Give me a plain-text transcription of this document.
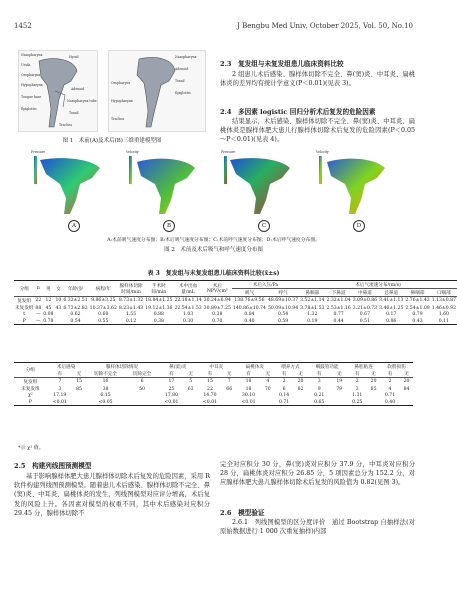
1452	J Bengbu Med Univ, October 2025, Vol. 50, No.10
Nasopharynx
Uvula
Oropharynx
Hypopharynx
Tongue base
Epiglottis
Hyoid
Adenoid
Nasopharynx tube
Tonsil
Trachea
Nasopharynx
Adenoid
Tonsil
Epiglottis
Oropharynx
Hypopharynx
Trachea
图 1　术前(A)及术后(B)三维重建模型图
2.3　复发组与未复发组患儿临床资料比较
2 组患儿术后感染、腺样体切除不完全、鼻(窦)炎、中耳炎、扁桃体炎的差异均有统计学意义(P＜0.01)(见表 3)。
2.4　多因素 logistic 回归分析术后复发的危险因素
结果显示，术后感染、腺样体切除不完全、鼻(窦)炎、中耳炎、扁桃体炎是腺样体肥大患儿行腺样体切除术后复发的危险因素(P＜0.05～P＜0.01)(见表 4)。
Pressure	Velocity	Pressure	Velocity
A	B	C	D
A:术前吸气速度分布图；B:术后吸气速度分布图；C:术前呼气速度分布图；D:术后呼气速度分布图。
图 2　术前及术后吸气和呼气速度分布图
表 3　复发组与未复发组患儿临床资料比较(x̄±s)
分组	n	男	女	年龄/岁	病程/年	腺样体切除时间/min	手术时间/min	术中出血量/mL	术后NPV/cm³	术后入压/Pa		术后气流速分布/(m/s)					
										吸气	呼气	鼻咽部	下鼻道	中鼻道	总鼻道	鼻咽部	口咽部
复发组	22	12	10	6.32±2.51	9.86±3.25	8.73±1.32	18.84±1.25	22.18±1.14	30.24±6.94	138.76±9.56	48.69±10.37	3.52±1.14	2.32±1.04	3.09±0.86	3.41±1.13	2.76±1.42	1.13±0.87
未复发组	88	45	43	6.73±2.82	10.37±3.62	8.23±1.43	19.12±1.36	22.54±1.53	30.89±7.25	140.86±10.74	50.09±10.94	3.78±1.53	2.53±1.16	3.21±0.73	3.46±1.25	2.54±1.09	1.46±0.92
t	—	0.08		0.62	0.60	1.55	0.88	1.03	0.38	0.84	0.54	1.32	0.77	0.67	0.17	0.79	1.60
P	—	0.78		0.54	0.55	0.12	0.38	0.30	0.70	0.40	0.59	0.19	0.44	0.51	0.86	0.43	0.11
分组	术后感染		腺样体切除情况		鼻(窦)炎		中耳炎		扁桃体炎		喂养方式		咽鼓管功能		鼻腔粘连		软腭损伤	
	有	无	切除不完全	切除完全	有	无	有	无	有	无	有	无	有	无	有	无	有	无
复发组	7	15	16	6	17	5	15	7	18	4	2	20	3	19	2	20	2	20
未复发组	3	85	38	50	25	63	22	66	18	70	6	82	9	79	3	85	4	84
χ²	17.19		6.15		17.80		14.70		30.10		0.14		0.21		1.31		0.71	
P	<0.01		<0.05		<0.01		<0.01		<0.01		0.71		0.65		0.25		0.40	
*示 χ² 值。
2.5　构建列线图预测模型
基于影响腺样体肥大患儿腺样体切除术后复发的危险因素，采用 R 软件构建列线图预测模型。随着患儿术后感染、腺样体切除不完全、鼻(窦)炎、中耳炎、扁桃体炎的发生，列线图模型对应评分增高，术后复发的风险上升。各因素对模型的权重不同，其中术后感染对应积分 29.45 分，腺样体切除不
完全对应积分 30 分，鼻(窦)炎对应积分 37.9 分，中耳炎对应积分 28 分，扁桃体炎对应积分 26.85 分，5 项因素总分为 152.2 分，对应腺样体肥大患儿腺样体切除术后复发的风险值为 0.82(见图 3)。
2.6　模型验证
2.6.1　列线图模型的区分度评价　通过 Bootstrap 自抽样法(对原始数据进行 1 000 次重复抽样)内部
